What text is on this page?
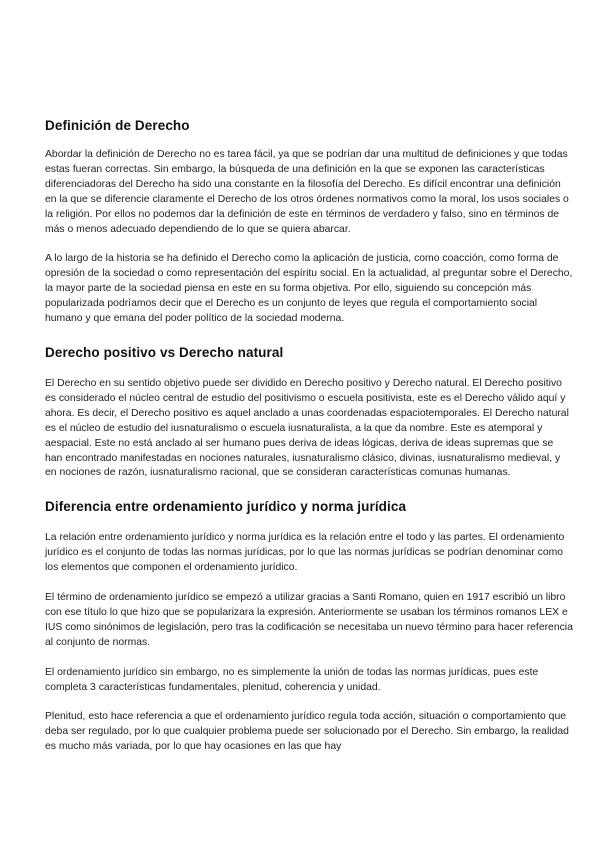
Definición de Derecho

Abordar la definición de Derecho no es tarea fácil, ya que se podrían dar una multitud de definiciones y que todas estas fueran correctas. Sin embargo, la búsqueda de una definición en la que se exponen las características diferenciadoras del Derecho ha sido una constante en la filosofía del Derecho. Es difícil encontrar una definición en la que se diferencie claramente el Derecho de los otros órdenes normativos como la moral, los usos sociales o la religión. Por ellos no podemos dar la definición de este en términos de verdadero y falso, sino en términos de más o menos adecuado dependiendo de lo que se quiera abarcar.

A lo largo de la historia se ha definido el Derecho como la aplicación de justicia, como coacción, como forma de opresión de la sociedad o como representación del espíritu social. En la actualidad, al preguntar sobre el Derecho, la mayor parte de la sociedad piensa en este en su forma objetiva. Por ello, siguiendo su concepción más popularizada podríamos decir que el Derecho es un conjunto de leyes que regula el comportamiento social humano y que emana del poder político de la sociedad moderna.

Derecho positivo vs Derecho natural

El Derecho en su sentido objetivo puede ser dividido en Derecho positivo y Derecho natural. El Derecho positivo es considerado el núcleo central de estudio del positivismo o escuela positivista, este es el Derecho válido aquí y ahora. Es decir, el Derecho positivo es aquel anclado a unas coordenadas espaciotemporales. El Derecho natural es el núcleo de estudio del iusnaturalismo o escuela iusnaturalista, a la que da nombre. Este es atemporal y aespacial. Este no está anclado al ser humano pues deriva de ideas lógicas, deriva de ideas supremas que se han encontrado manifestadas en nociones naturales, iusnaturalismo clásico, divinas, iusnaturalismo medieval, y en nociones de razón, iusnaturalismo racional, que se consideran características comunas humanas.

Diferencia entre ordenamiento jurídico y norma jurídica

La relación entre ordenamiento jurídico y norma jurídica es la relación entre el todo y las partes. El ordenamiento jurídico es el conjunto de todas las normas jurídicas, por lo que las normas jurídicas se podrían denominar como los elementos que componen el ordenamiento jurídico.

El término de ordenamiento jurídico se empezó a utilizar gracias a Santi Romano, quien en 1917 escribió un libro con ese título lo que hizo que se popularizara la expresión. Anteriormente se usaban los términos romanos LEX e IUS como sinónimos de legislación, pero tras la codificación se necesitaba un nuevo término para hacer referencia al conjunto de normas.

El ordenamiento jurídico sin embargo, no es simplemente la unión de todas las normas jurídicas, pues este completa 3 características fundamentales, plenitud, coherencia y unidad.

Plenitud, esto hace referencia a que el ordenamiento jurídico regula toda acción, situación o comportamiento que deba ser regulado, por lo que cualquier problema puede ser solucionado por el Derecho. Sin embargo, la realidad es mucho más variada, por lo que hay ocasiones en las que hay
